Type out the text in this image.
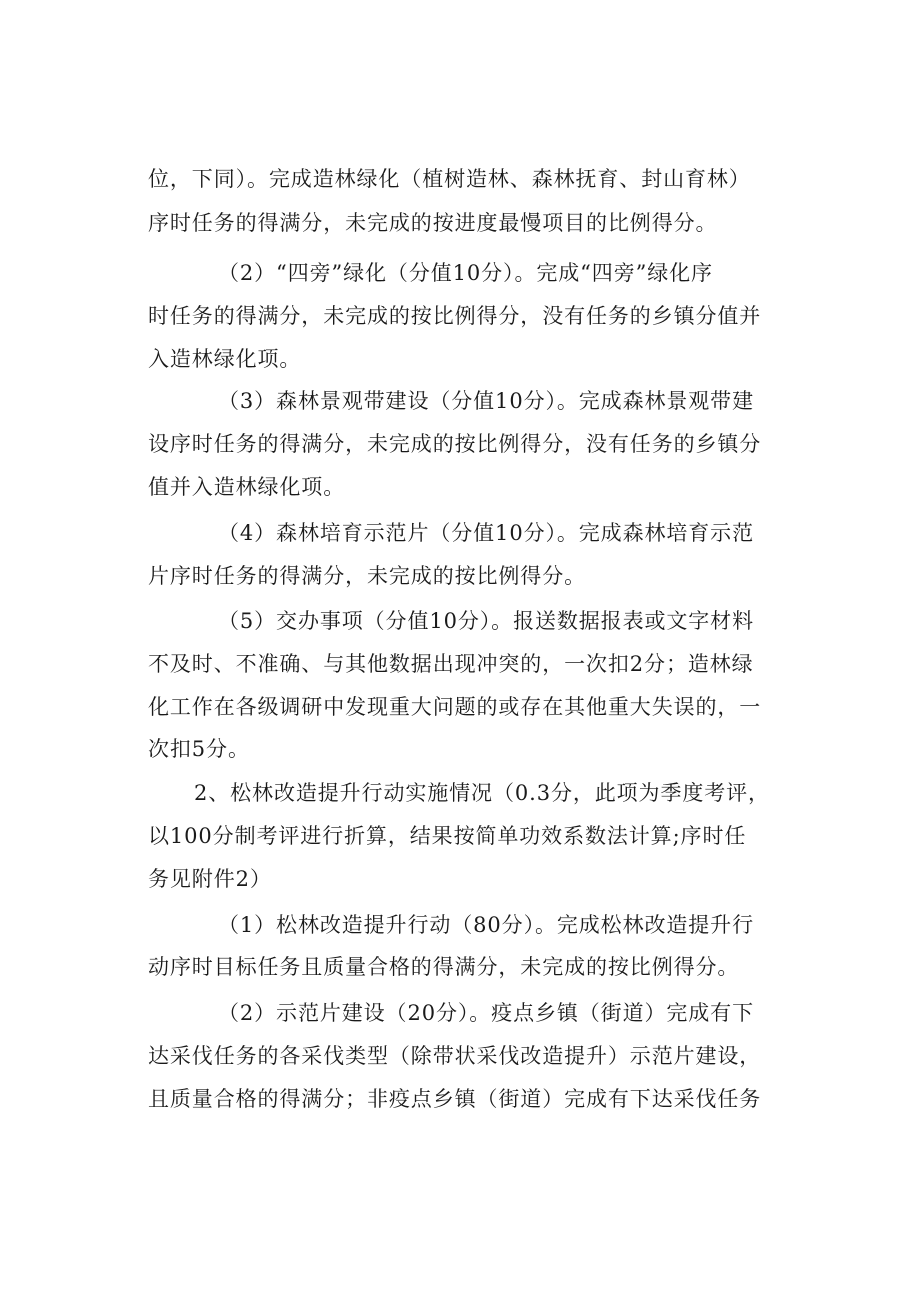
位，下同）。完成造林绿化（植树造林、森林抚育、封山育林）
序时任务的得满分，未完成的按进度最慢项目的比例得分。
（2）“四旁”绿化（分值10分）。完成“四旁”绿化序
时任务的得满分，未完成的按比例得分，没有任务的乡镇分值并
入造林绿化项。
（3）森林景观带建设（分值10分）。完成森林景观带建
设序时任务的得满分，未完成的按比例得分，没有任务的乡镇分
值并入造林绿化项。
（4）森林培育示范片（分值10分）。完成森林培育示范
片序时任务的得满分，未完成的按比例得分。
（5）交办事项（分值10分）。报送数据报表或文字材料
不及时、不准确、与其他数据出现冲突的，一次扣2分；造林绿
化工作在各级调研中发现重大问题的或存在其他重大失误的，一
次扣5分。
2、松林改造提升行动实施情况（0.3分，此项为季度考评，
以100分制考评进行折算，结果按简单功效系数法计算;序时任
务见附件2）
（1）松林改造提升行动（80分）。完成松林改造提升行
动序时目标任务且质量合格的得满分，未完成的按比例得分。
（2）示范片建设（20分）。疫点乡镇（街道）完成有下
达采伐任务的各采伐类型（除带状采伐改造提升）示范片建设，
且质量合格的得满分；非疫点乡镇（街道）完成有下达采伐任务
